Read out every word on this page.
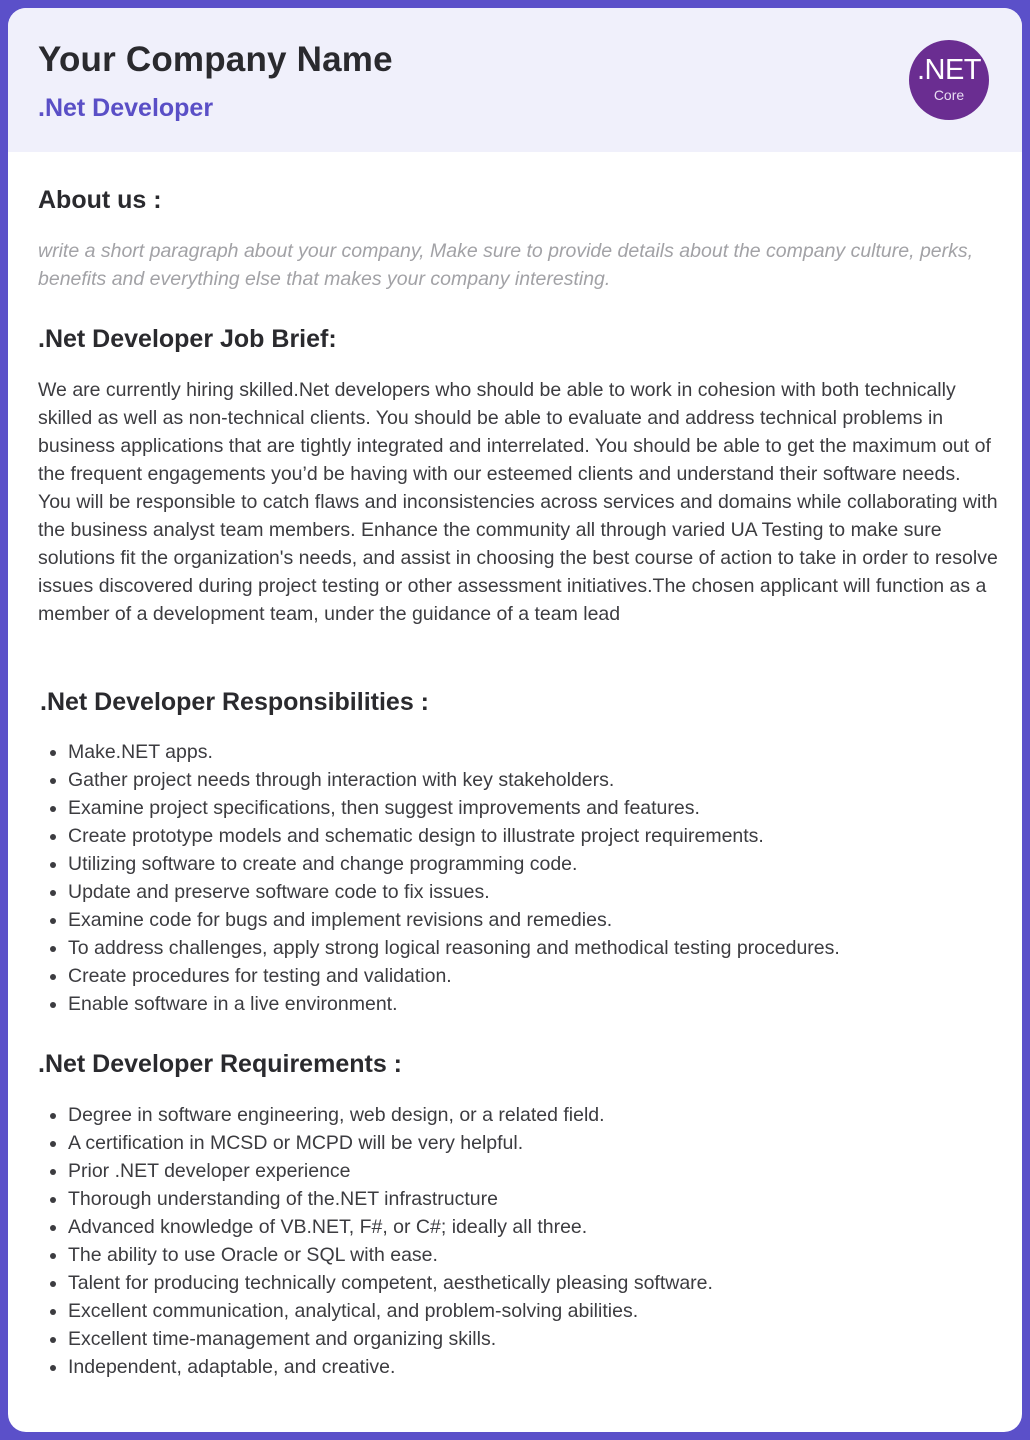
Your Company Name
.Net Developer
.NET
Core
About us :
write a short paragraph about your company, Make sure to provide details about the company culture, perks, benefits and everything else that makes your company interesting.
.Net Developer Job Brief:
We are currently hiring skilled.Net developers who should be able to work in cohesion with both technically skilled as well as non-technical clients. You should be able to evaluate and address technical problems in business applications that are tightly integrated and interrelated. You should be able to get the maximum out of the frequent engagements you’d be having with our esteemed clients and understand their software needs. You will be responsible to catch flaws and inconsistencies across services and domains while collaborating with the business analyst team members. Enhance the community all through varied UA Testing to make sure solutions fit the organization's needs, and assist in choosing the best course of action to take in order to resolve issues discovered during project testing or other assessment initiatives.The chosen applicant will function as a member of a development team, under the guidance of a team lead
.Net Developer Responsibilities :
• Make.NET apps.
• Gather project needs through interaction with key stakeholders.
• Examine project specifications, then suggest improvements and features.
• Create prototype models and schematic design to illustrate project requirements.
• Utilizing software to create and change programming code.
• Update and preserve software code to fix issues.
• Examine code for bugs and implement revisions and remedies.
• To address challenges, apply strong logical reasoning and methodical testing procedures.
• Create procedures for testing and validation.
• Enable software in a live environment.
.Net Developer Requirements :
• Degree in software engineering, web design, or a related field.
• A certification in MCSD or MCPD will be very helpful.
• Prior .NET developer experience
• Thorough understanding of the.NET infrastructure
• Advanced knowledge of VB.NET, F#, or C#; ideally all three.
• The ability to use Oracle or SQL with ease.
• Talent for producing technically competent, aesthetically pleasing software.
• Excellent communication, analytical, and problem-solving abilities.
• Excellent time-management and organizing skills.
• Independent, adaptable, and creative.
